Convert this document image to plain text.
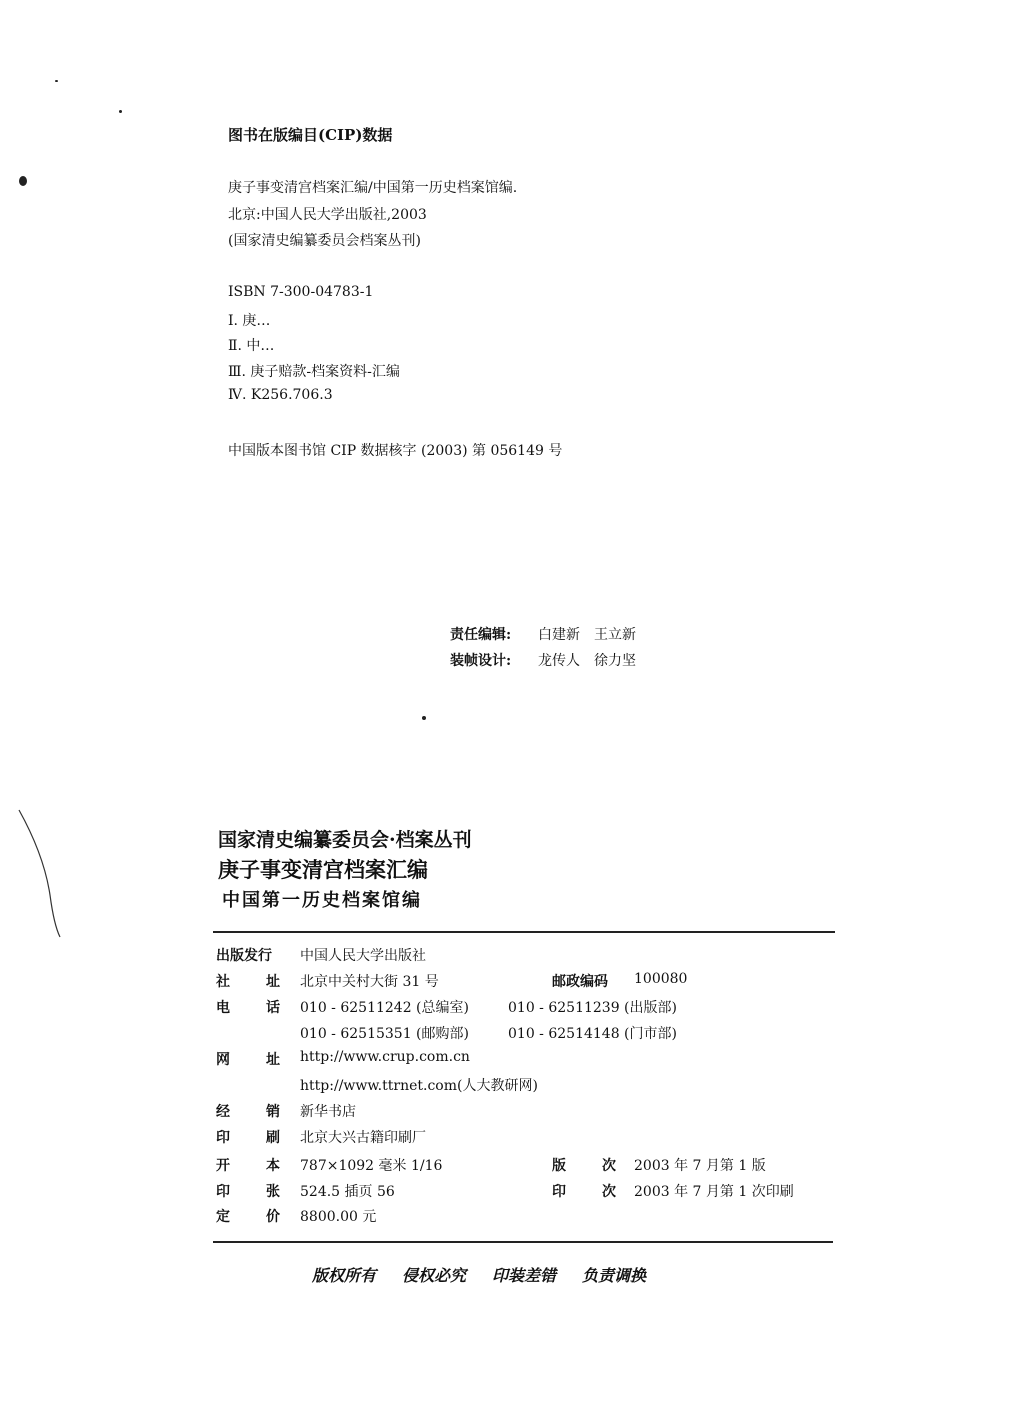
图书在版编目(CIP)数据
庚子事变清宫档案汇编/中国第一历史档案馆编.
北京:中国人民大学出版社,2003
(国家清史编纂委员会档案丛刊)
ISBN 7-300-04783-1
Ⅰ. 庚…
Ⅱ. 中…
Ⅲ. 庚子赔款-档案资料-汇编
Ⅳ. K256.706.3
中国版本图书馆 CIP 数据核字 (2003) 第 056149 号
责任编辑: 白建新　王立新
装帧设计: 龙传人　徐力坚
国家清史编纂委员会·档案丛刊
庚子事变清宫档案汇编
中国第一历史档案馆编
出版发行	中国人民大学出版社
社	址 北京中关村大街 31 号	邮政编码 100080
电	话 010 - 62511242 (总编室)	010 - 62511239 (出版部)
010 - 62515351 (邮购部)	010 - 62514148 (门市部)
网	址 http://www.crup.com.cn
http://www.ttrnet.com(人大教研网)
经	销 新华书店
印	刷 北京大兴古籍印刷厂
开	本 787×1092 毫米 1/16	版	次 2003 年 7 月第 1 版
印	张 524.5 插页 56	印	次 2003 年 7 月第 1 次印刷
定	价 8800.00 元
版权所有 侵权必究 印装差错 负责调换
